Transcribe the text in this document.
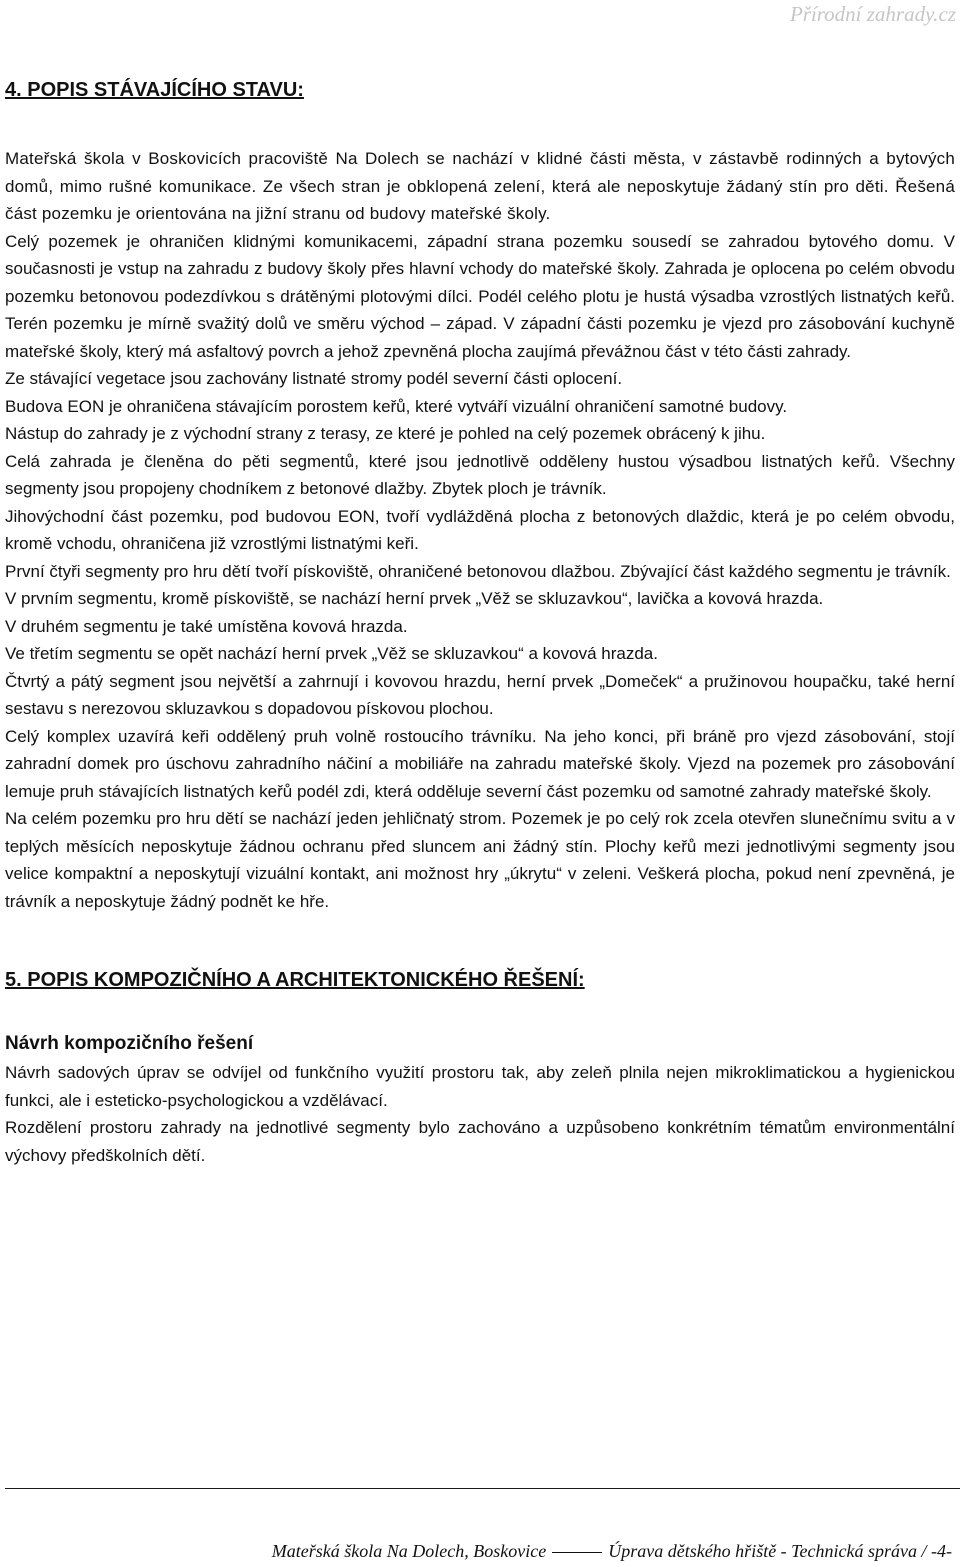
Přírodní zahrady.cz
4. POPIS STÁVAJÍCÍHO STAVU:

Mateřská škola v Boskovicích pracoviště Na Dolech se nachází v klidné části města, v zástavbě rodinných a bytových domů, mimo rušné komunikace. Ze všech stran je obklopená zelení, která ale neposkytuje žádaný stín pro děti. Řešená část pozemku je orientována na jižní stranu od budovy mateřské školy.

Celý pozemek je ohraničen klidnými komunikacemi, západní strana pozemku sousedí se zahradou bytového domu. V současnosti je vstup na zahradu z budovy školy přes hlavní vchody do mateřské školy. Zahrada je oplocena po celém obvodu pozemku betonovou podezdívkou s drátěnými plotovými dílci. Podél celého plotu je hustá výsadba vzrostlých listnatých keřů. Terén pozemku je mírně svažitý dolů ve směru východ – západ. V západní části pozemku je vjezd pro zásobování kuchyně mateřské školy, který má asfaltový povrch a jehož zpevněná plocha zaujímá převážnou část v této části zahrady.

Ze stávající vegetace jsou zachovány listnaté stromy podél severní části oplocení.

Budova EON je ohraničena stávajícím porostem keřů, které vytváří vizuální ohraničení samotné budovy.

Nástup do zahrady je z východní strany z terasy, ze které je pohled na celý pozemek obrácený k jihu.

Celá zahrada je členěna do pěti segmentů, které jsou jednotlivě odděleny hustou výsadbou listnatých keřů. Všechny segmenty jsou propojeny chodníkem z betonové dlažby. Zbytek ploch je trávník.

Jihovýchodní část pozemku, pod budovou EON, tvoří vydlážděná plocha z betonových dlaždic, která je po celém obvodu, kromě vchodu, ohraničena již vzrostlými listnatými keři.

První čtyři segmenty pro hru dětí tvoří pískoviště, ohraničené betonovou dlažbou. Zbývající část každého segmentu je trávník.

V prvním segmentu, kromě pískoviště, se nachází herní prvek „Věž se skluzavkou“, lavička a kovová hrazda.

V druhém segmentu je také umístěna kovová hrazda.

Ve třetím segmentu se opět nachází herní prvek „Věž se skluzavkou“ a kovová hrazda.

Čtvrtý a pátý segment jsou největší a zahrnují i kovovou hrazdu, herní prvek „Domeček“ a pružinovou houpačku, také herní sestavu s nerezovou skluzavkou s dopadovou pískovou plochou.

Celý komplex uzavírá keři oddělený pruh volně rostoucího trávníku. Na jeho konci, při bráně pro vjezd zásobování, stojí zahradní domek pro úschovu zahradního náčiní a mobiliáře na zahradu mateřské školy. Vjezd na pozemek pro zásobování lemuje pruh stávajících listnatých keřů podél zdi, která odděluje severní část pozemku od samotné zahrady mateřské školy.

Na celém pozemku pro hru dětí se nachází jeden jehličnatý strom. Pozemek je po celý rok zcela otevřen slunečnímu svitu a v teplých měsících neposkytuje žádnou ochranu před sluncem ani žádný stín. Plochy keřů mezi jednotlivými segmenty jsou velice kompaktní a neposkytují vizuální kontakt, ani možnost hry „úkrytu“ v zeleni. Veškerá plocha, pokud není zpevněná, je trávník a neposkytuje žádný podnět ke hře.

5. POPIS KOMPOZIČNÍHO A ARCHITEKTONICKÉHO ŘEŠENÍ:
Návrh kompozičního řešení

Návrh sadových úprav se odvíjel od funkčního využití prostoru tak, aby zeleň plnila nejen mikroklimatickou a hygienickou funkci, ale i esteticko-psychologickou a vzdělávací.

Rozdělení prostoru zahrady na jednotlivé segmenty bylo zachováno a uzpůsobeno konkrétním tématům environmentální výchovy předškolních dětí.

Mateřská škola Na Dolech, Boskovice	Úprava dětského hřiště - Technická správa / -4-
